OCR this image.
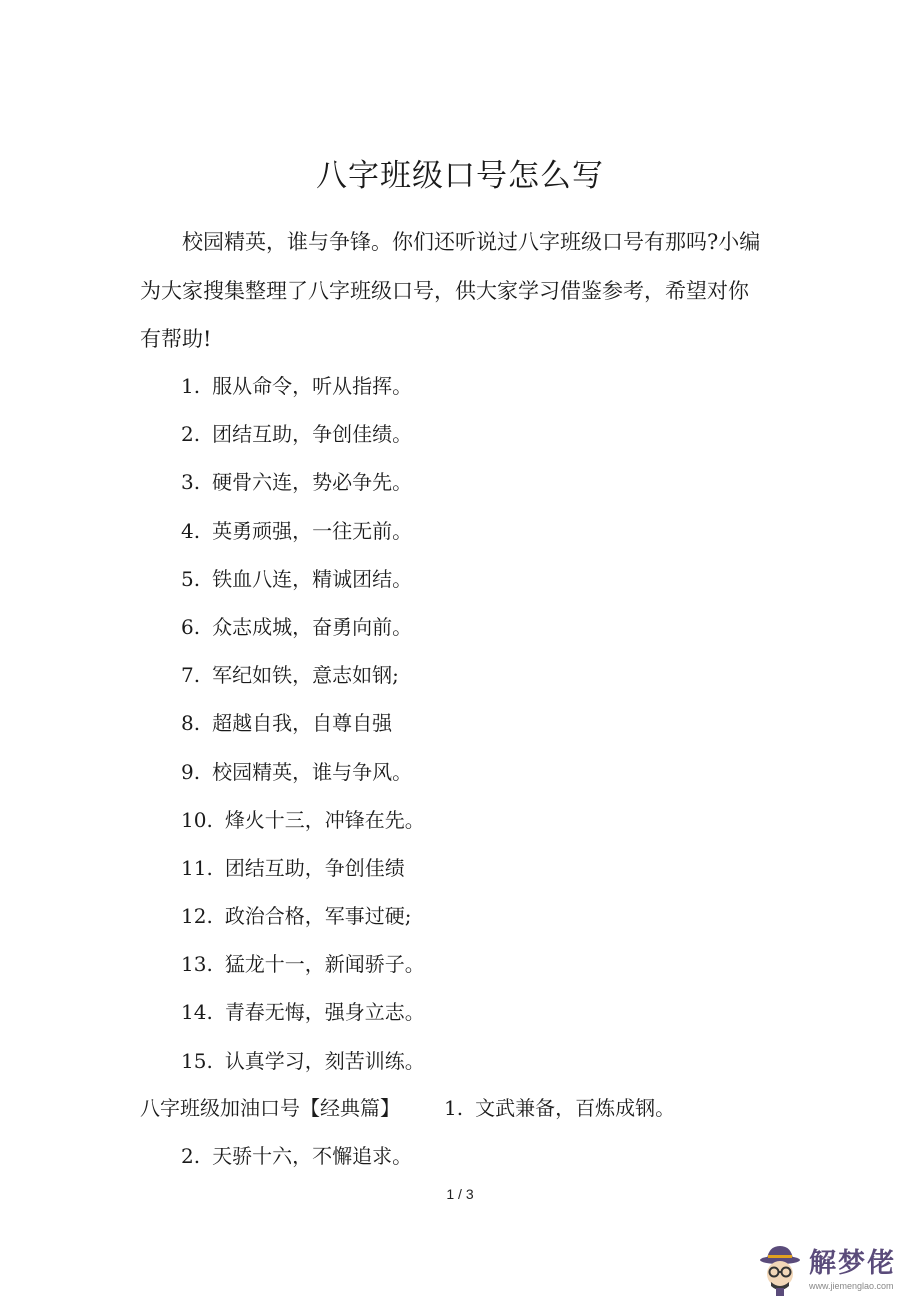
八字班级口号怎么写
校园精英，谁与争锋。你们还听说过八字班级口号有那吗?小编
为大家搜集整理了八字班级口号，供大家学习借鉴参考，希望对你
有帮助!
1. 服从命令，听从指挥。
2. 团结互助，争创佳绩。
3. 硬骨六连，势必争先。
4. 英勇顽强，一往无前。
5. 铁血八连，精诚团结。
6. 众志成城，奋勇向前。
7. 军纪如铁，意志如钢;
8. 超越自我，自尊自强
9. 校园精英，谁与争风。
10. 烽火十三，冲锋在先。
11. 团结互助，争创佳绩
12. 政治合格，军事过硬;
13. 猛龙十一，新闻骄子。
14. 青春无悔，强身立志。
15. 认真学习，刻苦训练。
八字班级加油口号【经典篇】 1. 文武兼备，百炼成钢。
2. 天骄十六，不懈追求。
1 / 3
解梦佬
www.jiemenglao.com
